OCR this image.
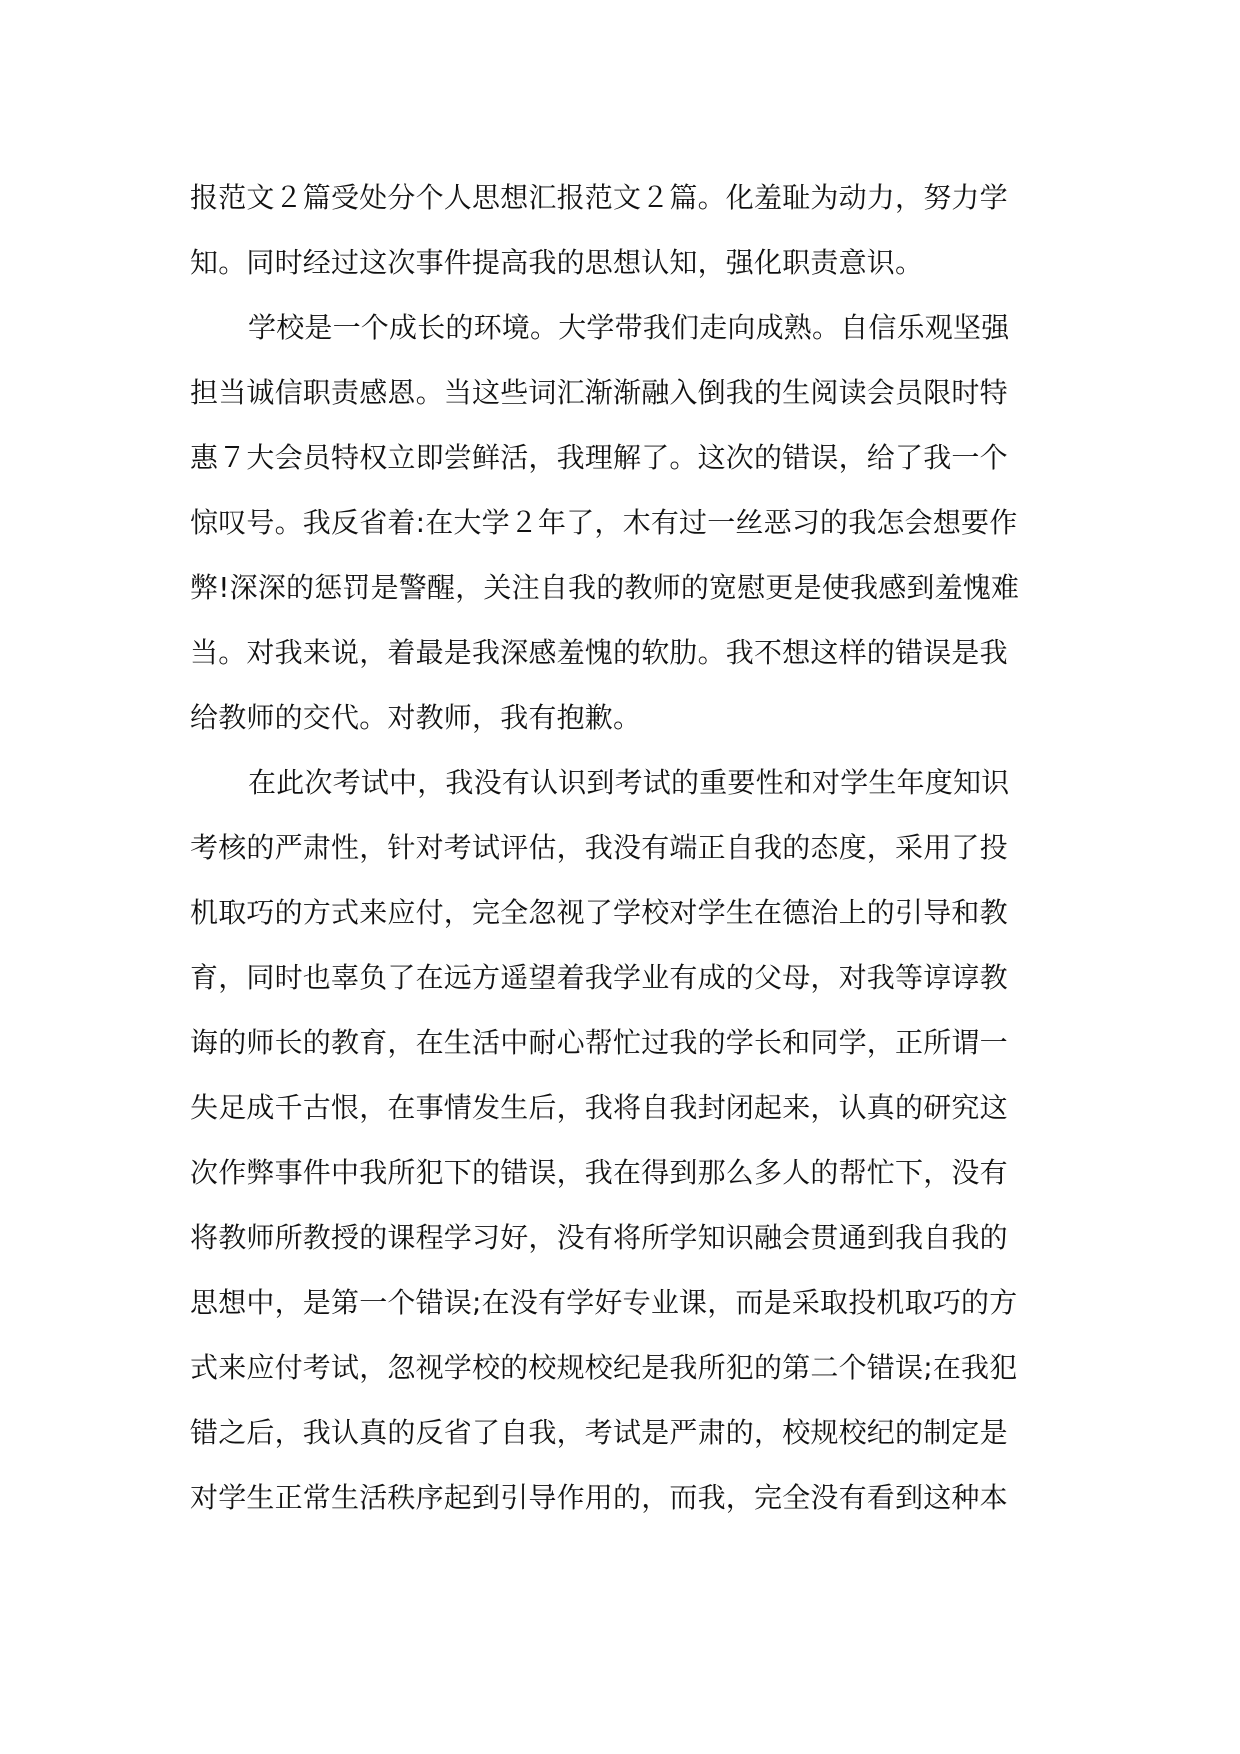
报范文２篇受处分个人思想汇报范文２篇。化羞耻为动力，努力学
知。同时经过这次事件提高我的思想认知，强化职责意识。
学校是一个成长的环境。大学带我们走向成熟。自信乐观坚强
担当诚信职责感恩。当这些词汇渐渐融入倒我的生阅读会员限时特
惠７大会员特权立即尝鲜活，我理解了。这次的错误，给了我一个
惊叹号。我反省着:在大学２年了，木有过一丝恶习的我怎会想要作
弊!深深的惩罚是警醒，关注自我的教师的宽慰更是使我感到羞愧难
当。对我来说，着最是我深感羞愧的软肋。我不想这样的错误是我
给教师的交代。对教师，我有抱歉。
在此次考试中，我没有认识到考试的重要性和对学生年度知识
考核的严肃性，针对考试评估，我没有端正自我的态度，采用了投
机取巧的方式来应付，完全忽视了学校对学生在德治上的引导和教
育，同时也辜负了在远方遥望着我学业有成的父母，对我等谆谆教
诲的师长的教育，在生活中耐心帮忙过我的学长和同学，正所谓一
失足成千古恨，在事情发生后，我将自我封闭起来，认真的研究这
次作弊事件中我所犯下的错误，我在得到那么多人的帮忙下，没有
将教师所教授的课程学习好，没有将所学知识融会贯通到我自我的
思想中，是第一个错误;在没有学好专业课，而是采取投机取巧的方
式来应付考试，忽视学校的校规校纪是我所犯的第二个错误;在我犯
错之后，我认真的反省了自我，考试是严肃的，校规校纪的制定是
对学生正常生活秩序起到引导作用的，而我，完全没有看到这种本
